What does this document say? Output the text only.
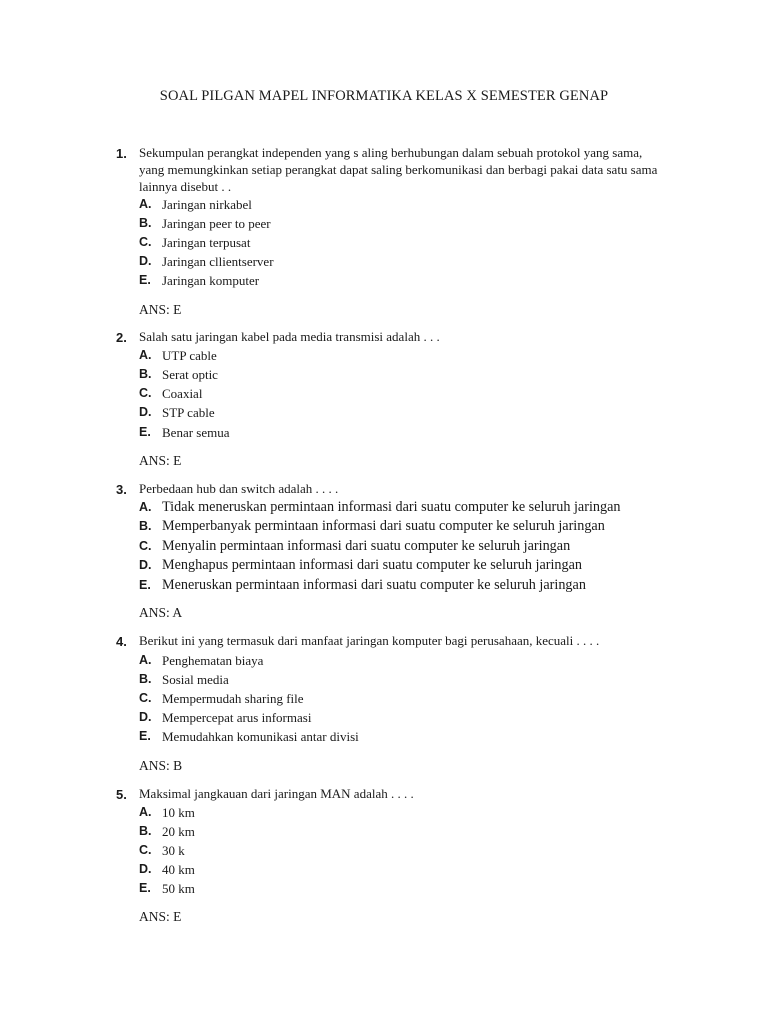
SOAL PILGAN MAPEL INFORMATIKA KELAS X SEMESTER GENAP
1. Sekumpulan perangkat independen yang s aling berhubungan dalam sebuah protokol yang sama, yang memungkinkan setiap perangkat dapat saling berkomunikasi dan berbagi pakai data satu sama lainnya disebut . .
A. Jaringan nirkabel
B. Jaringan peer to peer
C. Jaringan terpusat
D. Jaringan cllientserver
E. Jaringan komputer
ANS: E
2. Salah satu jaringan kabel pada media transmisi adalah . . .
A. UTP cable
B. Serat optic
C. Coaxial
D. STP cable
E. Benar semua
ANS: E
3. Perbedaan hub dan switch adalah . . . .
A. Tidak meneruskan permintaan informasi dari suatu computer ke seluruh jaringan
B. Memperbanyak permintaan informasi dari suatu computer ke seluruh jaringan
C. Menyalin permintaan informasi dari suatu computer ke seluruh jaringan
D. Menghapus permintaan informasi dari suatu computer ke seluruh jaringan
E. Meneruskan permintaan informasi dari suatu computer ke seluruh jaringan
ANS: A
4. Berikut ini yang termasuk dari manfaat jaringan komputer bagi perusahaan, kecuali . . . .
A. Penghematan biaya
B. Sosial media
C. Mempermudah sharing file
D. Mempercepat arus informasi
E. Memudahkan komunikasi antar divisi
ANS: B
5. Maksimal jangkauan dari jaringan MAN adalah . . . .
A. 10 km
B. 20 km
C. 30 k
D. 40 km
E. 50 km
ANS: E
